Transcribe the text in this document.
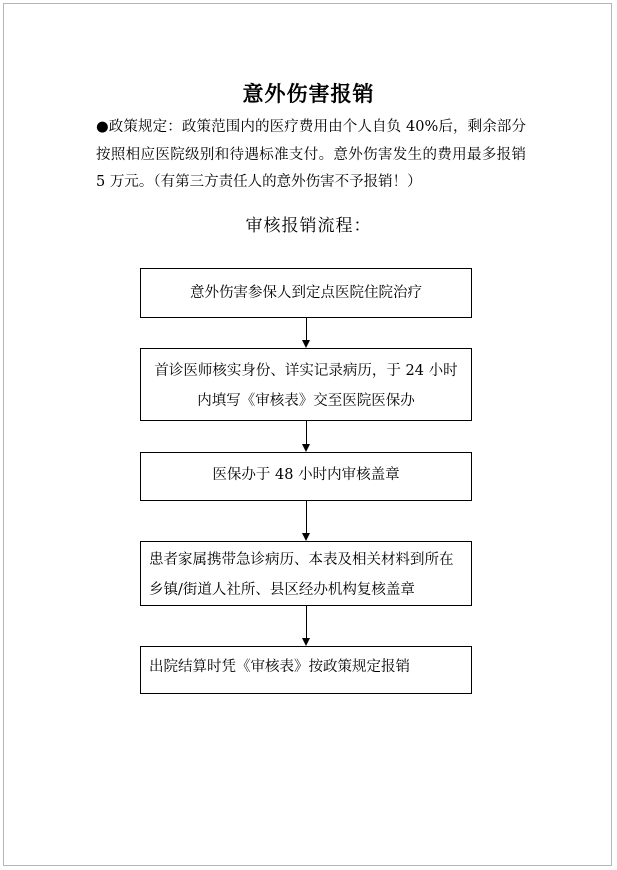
意外伤害报销
●政策规定：政策范围内的医疗费用由个人自负 40%后，剩余部分按照相应医院级别和待遇标准支付。意外伤害发生的费用最多报销 5 万元。（有第三方责任人的意外伤害不予报销！）
审核报销流程：
意外伤害参保人到定点医院住院治疗
首诊医师核实身份、详实记录病历，于 24 小时
内填写《审核表》交至医院医保办
医保办于 48 小时内审核盖章
患者家属携带急诊病历、本表及相关材料到所在
乡镇/街道人社所、县区经办机构复核盖章
出院结算时凭《审核表》按政策规定报销
